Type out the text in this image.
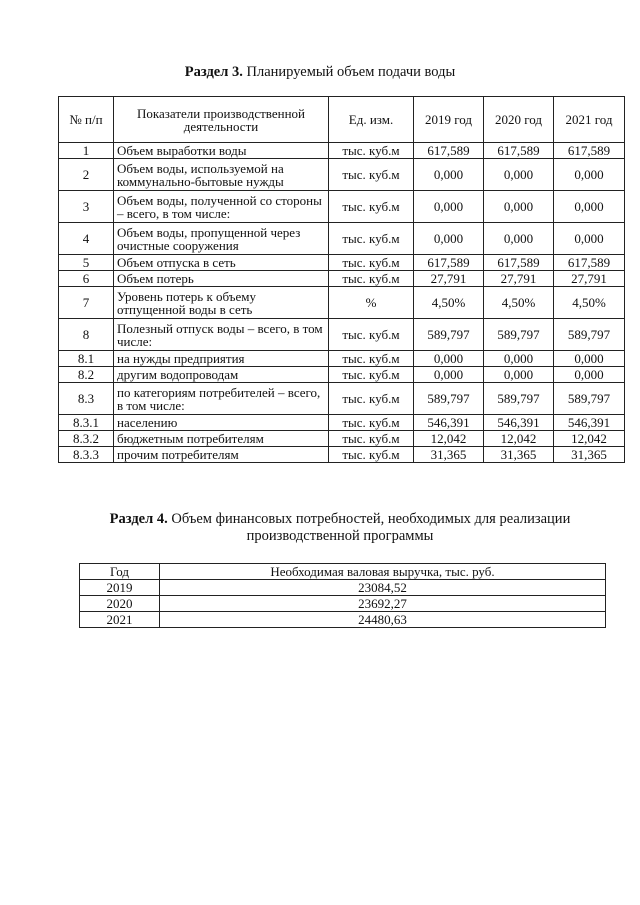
Раздел 3. Планируемый объем подачи воды
№ п/п	Показатели производственной деятельности	Ед. изм.	2019 год	2020 год	2021 год
1	Объем выработки воды	тыс. куб.м	617,589	617,589	617,589
2	Объем воды, используемой на коммунально-бытовые нужды	тыс. куб.м	0,000	0,000	0,000
3	Объем воды, полученной со стороны – всего, в том числе:	тыс. куб.м	0,000	0,000	0,000
4	Объем воды, пропущенной через очистные сооружения	тыс. куб.м	0,000	0,000	0,000
5	Объем отпуска в сеть	тыс. куб.м	617,589	617,589	617,589
6	Объем потерь	тыс. куб.м	27,791	27,791	27,791
7	Уровень потерь к объему отпущенной воды в сеть	%	4,50%	4,50%	4,50%
8	Полезный отпуск воды – всего, в том числе:	тыс. куб.м	589,797	589,797	589,797
8.1	на нужды предприятия	тыс. куб.м	0,000	0,000	0,000
8.2	другим водопроводам	тыс. куб.м	0,000	0,000	0,000
8.3	по категориям потребителей – всего, в том числе:	тыс. куб.м	589,797	589,797	589,797
8.3.1	населению	тыс. куб.м	546,391	546,391	546,391
8.3.2	бюджетным потребителям	тыс. куб.м	12,042	12,042	12,042
8.3.3	прочим потребителям	тыс. куб.м	31,365	31,365	31,365
Раздел 4. Объем финансовых потребностей, необходимых для реализации производственной программы
Год	Необходимая валовая выручка, тыс. руб.
2019	23084,52
2020	23692,27
2021	24480,63
